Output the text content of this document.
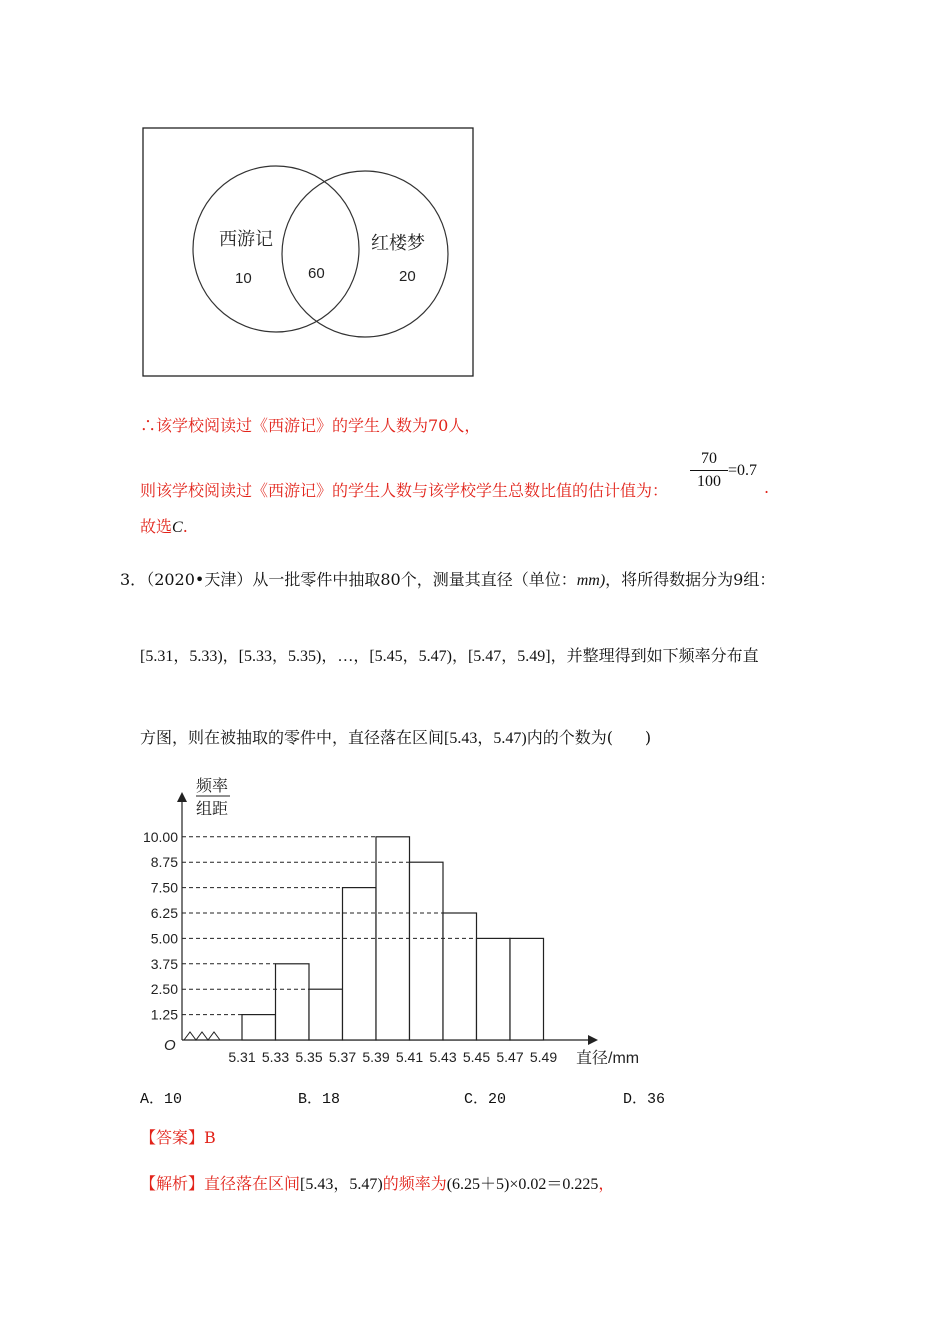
西游记
10	60
红楼梦
20
∴该学校阅读过《西游记》的学生人数为70人，
则该学校阅读过《西游记》的学生人数与该学校学生总数比值的估计值为：
70
100
=0.7
.
故选C.
3．（2020•天津）从一批零件中抽取80个，测量其直径（单位：mm)，将所得数据分为9组：
[5.31，5.33)，[5.33，5.35)，…，[5.45，5.47)，[5.47，5.49]，并整理得到如下频率分布直
方图，则在被抽取的零件中，直径落在区间[5.43，5.47)内的个数为(　　)
O
频率
组距
直径/mm
1.25
2.50
3.75
5.00
6.25
7.50
8.75
10.00
5.31 5.33 5.35 5.37 5.39 5.41 5.43 5.45 5.47 5.49
A．10	B．18	C．20	D．36
【答案】B
【解析】直径落在区间[5.43，5.47)的频率为(6.25＋5)×0.02＝0.225，
